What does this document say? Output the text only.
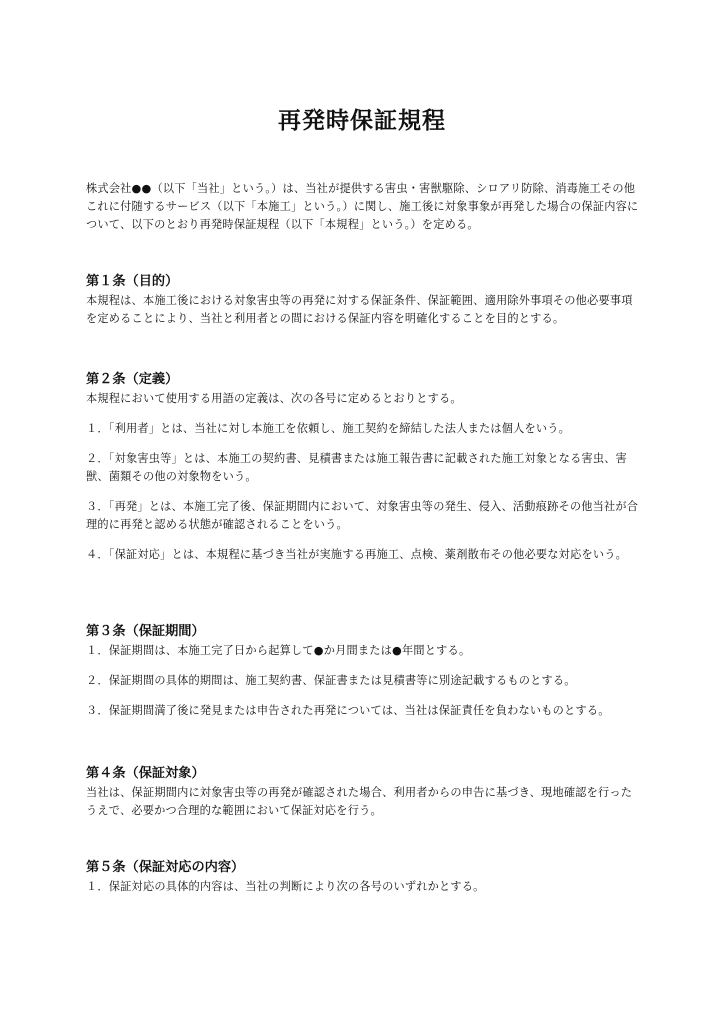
再発時保証規程

株式会社●●（以下「当社」という。）は、当社が提供する害虫・害獣駆除、シロアリ防除、消毒施工その他これに付随するサービス（以下「本施工」という。）に関し、施工後に対象事象が再発した場合の保証内容について、以下のとおり再発時保証規程（以下「本規程」という。）を定める。

第１条（目的）

本規程は、本施工後における対象害虫等の再発に対する保証条件、保証範囲、適用除外事項その他必要事項を定めることにより、当社と利用者との間における保証内容を明確化することを目的とする。

第２条（定義）

本規程において使用する用語の定義は、次の各号に定めるとおりとする。

１．「利用者」とは、当社に対し本施工を依頼し、施工契約を締結した法人または個人をいう。

２．「対象害虫等」とは、本施工の契約書、見積書または施工報告書に記載された施工対象となる害虫、害獣、菌類その他の対象物をいう。

３．「再発」とは、本施工完了後、保証期間内において、対象害虫等の発生、侵入、活動痕跡その他当社が合理的に再発と認める状態が確認されることをいう。

４．「保証対応」とは、本規程に基づき当社が実施する再施工、点検、薬剤散布その他必要な対応をいう。

第３条（保証期間）

１．保証期間は、本施工完了日から起算して●か月間または●年間とする。

２．保証期間の具体的期間は、施工契約書、保証書または見積書等に別途記載するものとする。

３．保証期間満了後に発見または申告された再発については、当社は保証責任を負わないものとする。

第４条（保証対象）

当社は、保証期間内に対象害虫等の再発が確認された場合、利用者からの申告に基づき、現地確認を行ったうえで、必要かつ合理的な範囲において保証対応を行う。

第５条（保証対応の内容）

１．保証対応の具体的内容は、当社の判断により次の各号のいずれかとする。
